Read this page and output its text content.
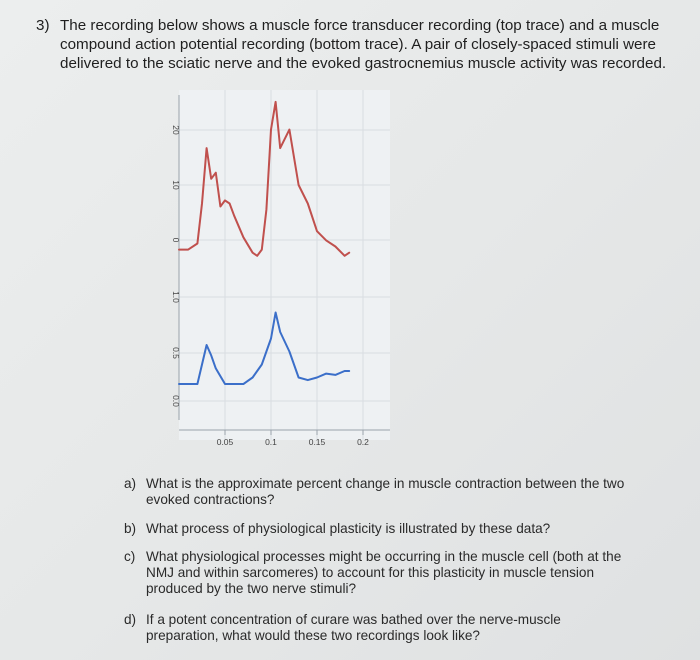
3) The recording below shows a muscle force transducer recording (top trace) and a muscle compound action potential recording (bottom trace). A pair of closely-spaced stimuli were delivered to the sciatic nerve and the evoked gastrocnemius muscle activity was recorded.
20
10
0
1.0
0.5
0.0
0.05	0.1	0.15	0.2
a) What is the approximate percent change in muscle contraction between the two evoked contractions?
b) What process of physiological plasticity is illustrated by these data?
c) What physiological processes might be occurring in the muscle cell (both at the NMJ and within sarcomeres) to account for this plasticity in muscle tension produced by the two nerve stimuli?
d) If a potent concentration of curare was bathed over the nerve-muscle preparation, what would these two recordings look like?
